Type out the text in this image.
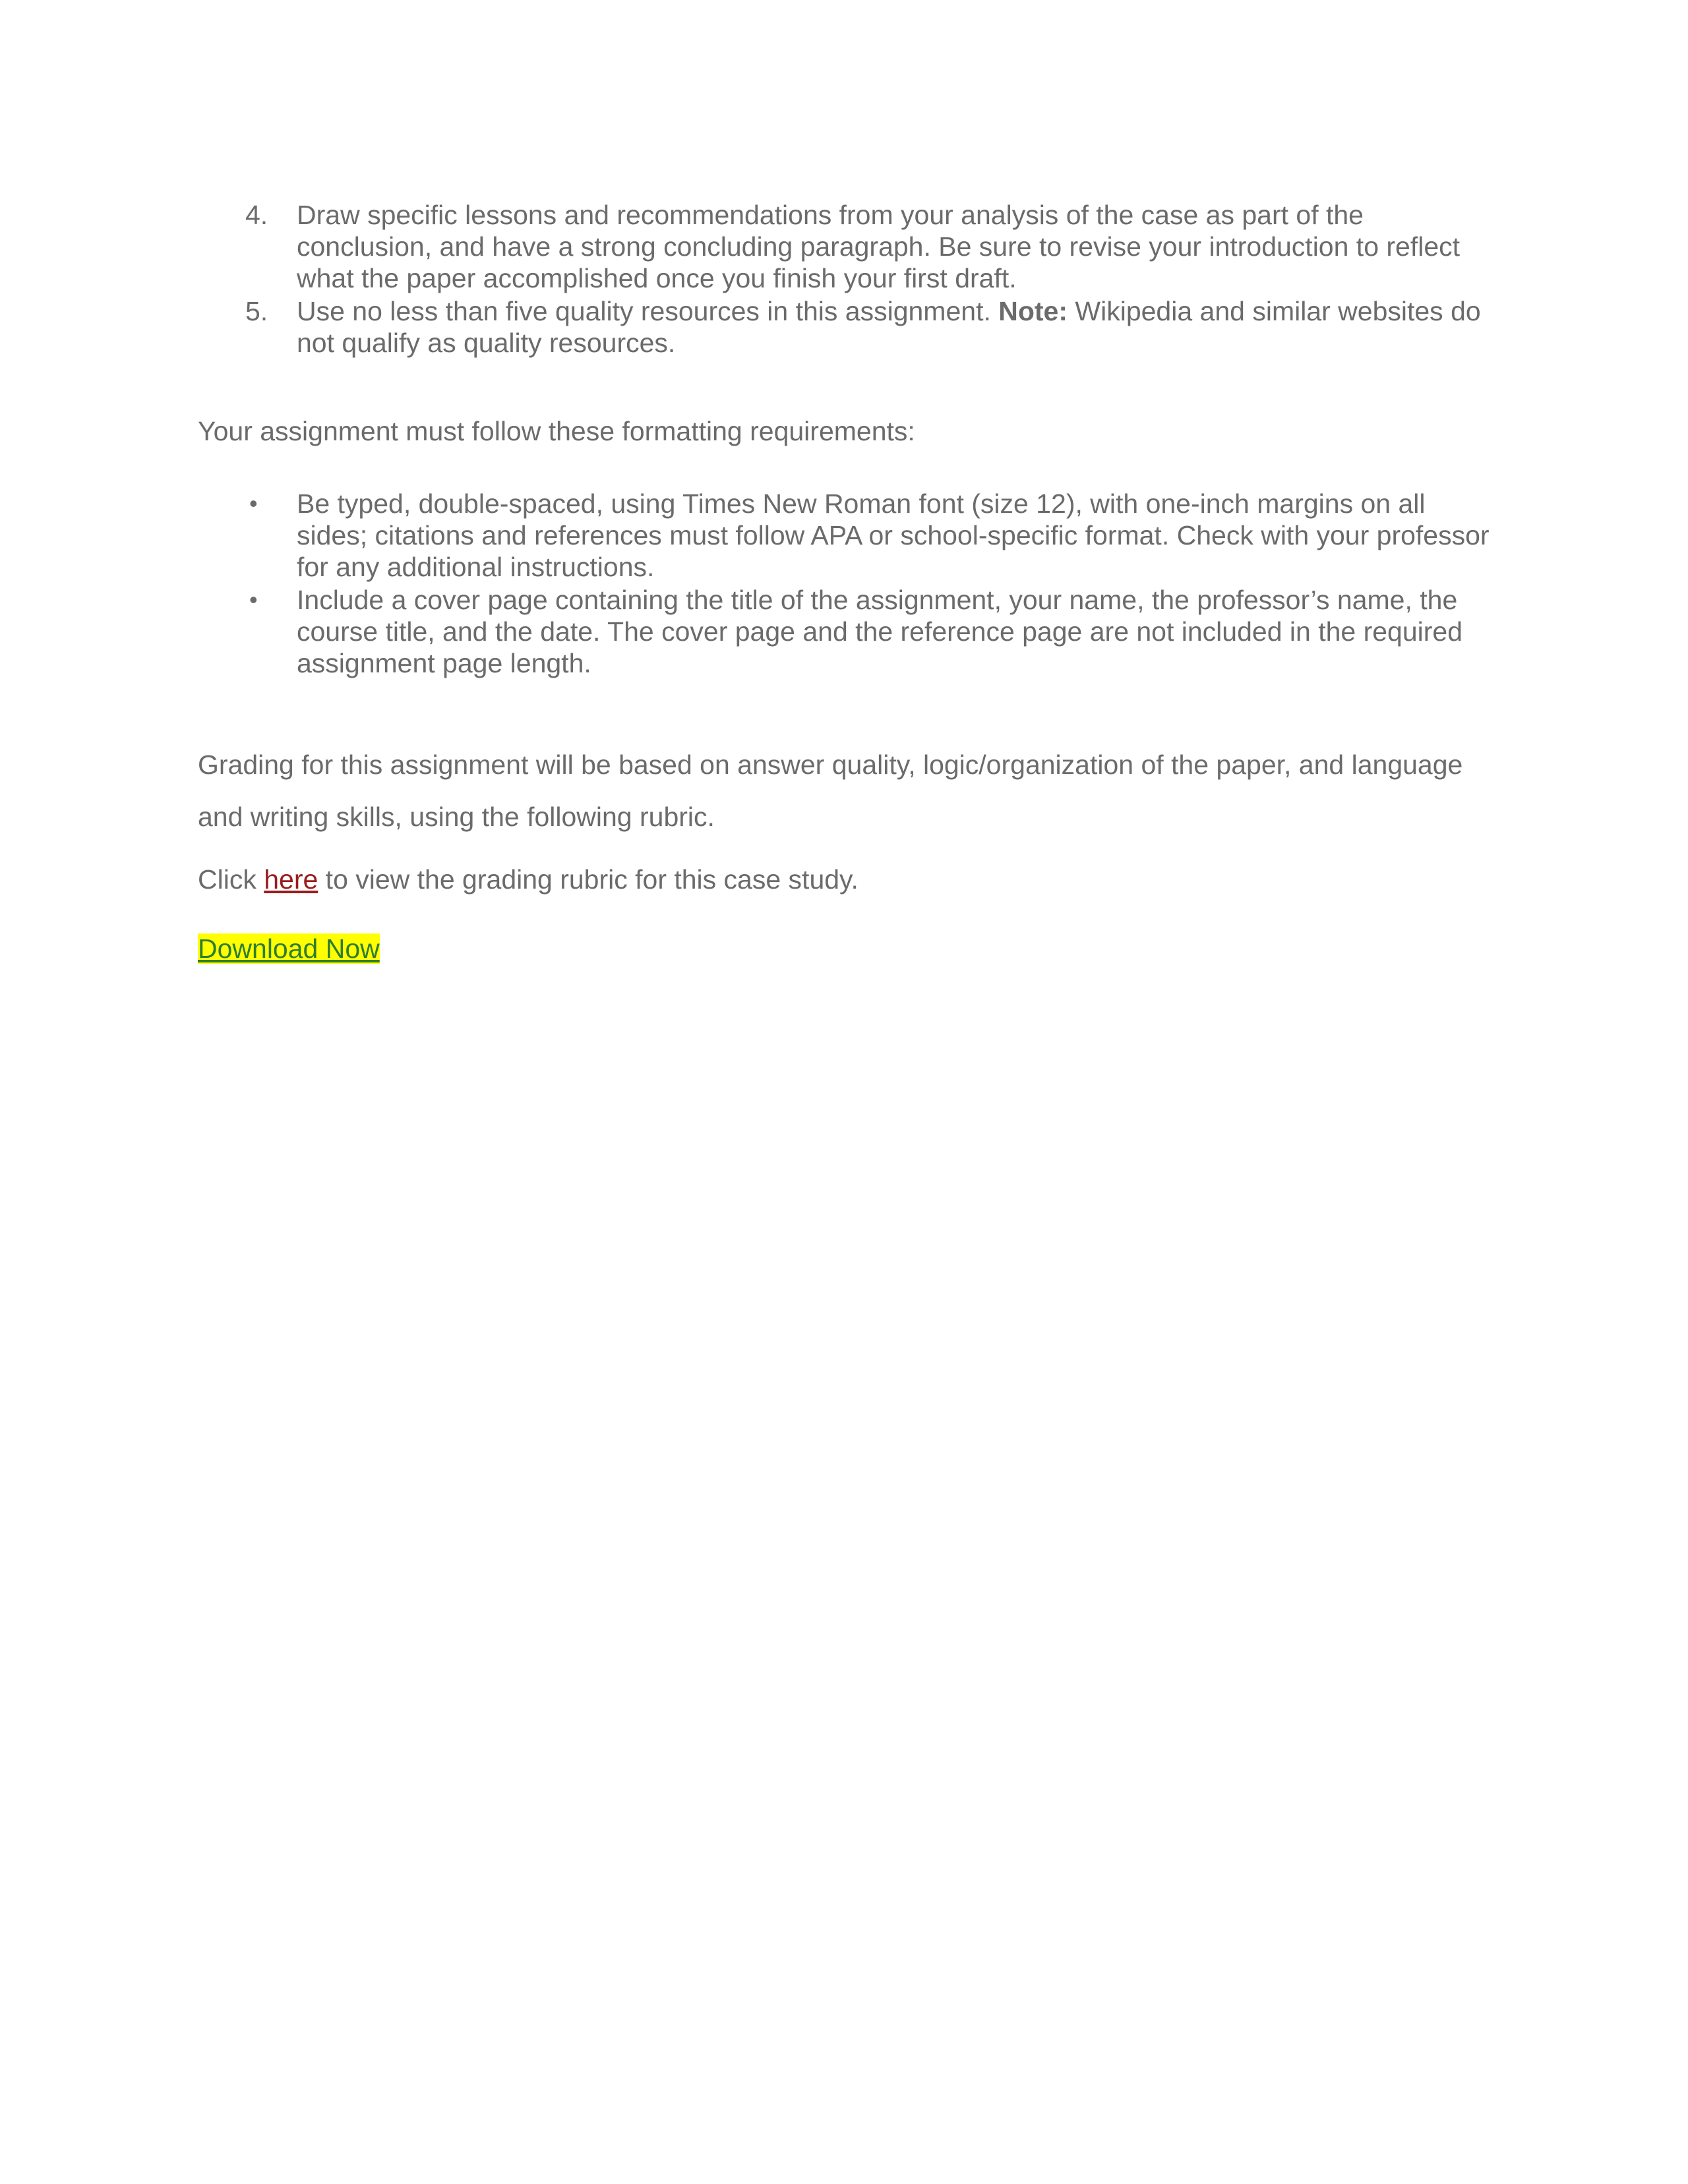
4.	Draw specific lessons and recommendations from your analysis of the case as part of the conclusion, and have a strong concluding paragraph. Be sure to revise your introduction to reflect what the paper accomplished once you finish your first draft.
5.	Use no less than five quality resources in this assignment. Note: Wikipedia and similar websites do not qualify as quality resources.
Your assignment must follow these formatting requirements:
•	Be typed, double-spaced, using Times New Roman font (size 12), with one-inch margins on all sides; citations and references must follow APA or school-specific format. Check with your professor for any additional instructions.
•	Include a cover page containing the title of the assignment, your name, the professor’s name, the course title, and the date. The cover page and the reference page are not included in the required assignment page length.
Grading for this assignment will be based on answer quality, logic/organization of the paper, and language and writing skills, using the following rubric.
Click here to view the grading rubric for this case study.
Download Now
